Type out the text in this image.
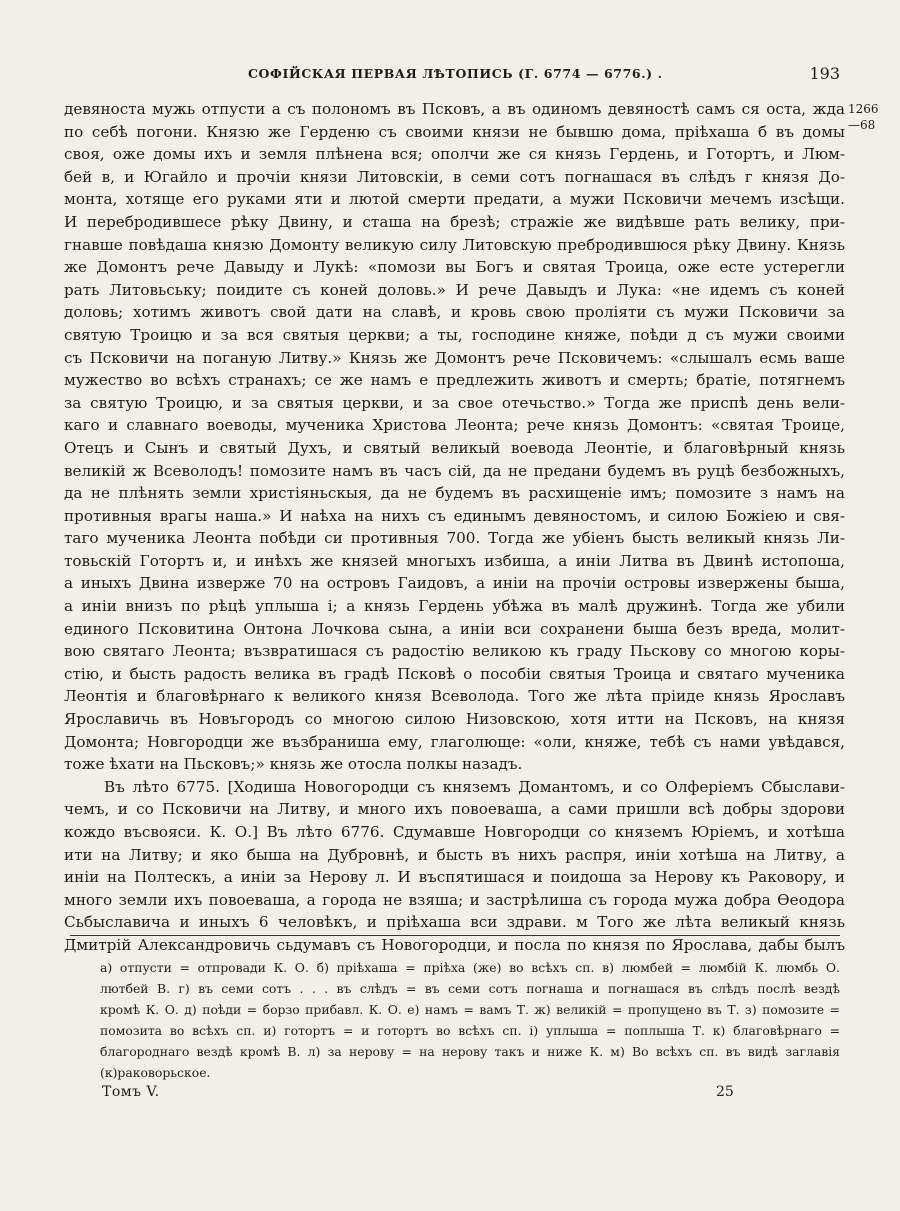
СОФІЙСКАЯ ПЕРВАЯ ЛѢТОПИСЬ (Г. 6774 — 6776.) .	193
1266
—68
девяноста мужь отпусти а съ полономъ въ Псковъ, а въ одиномъ девяностѣ самъ ся оста, жда
по себѣ погони. Князю же Герденю съ своими князи не бывшю дома, пріѣхаша б въ домы
своя, оже домы ихъ и земля плѣнена вся; ополчи же ся князь Гердень, и Готортъ, и Люм-
бей в, и Югайло и прочіи князи Литовскіи, в семи сотъ погнашася въ слѣдъ г князя До-
монта, хотяще его руками яти и лютой смерти предати, а мужи Псковичи мечемъ изсѣщи.
И перебродившесе рѣку Двину, и сташа на брезѣ; стражіе же видѣвше рать велику, при-
гнавше повѣдаша князю Домонту великую силу Литовскую пребродившюся рѣку Двину. Князь
же Домонтъ рече Давыду и Лукѣ: «помози вы Богъ и святая Троица, оже есте устерегли
рать Литовьську; поидите съ коней доловь.» И рече Давыдъ и Лука: «не идемъ съ коней
доловь; хотимъ животъ свой дати на славѣ, и кровь свою проліяти съ мужи Псковичи за
святую Троицю и за вся святыя церкви; а ты, господине княже, поѣди д съ мужи своими
съ Псковичи на поганую Литву.» Князь же Домонтъ рече Псковичемъ: «слышалъ есмь ваше
мужество во всѣхъ странахъ; се же намъ е предлежить животъ и смерть; братіе, потягнемъ
за святую Троицю, и за святыя церкви, и за свое отечьство.» Тогда же приспѣ день вели-
каго и славнаго воеводы, мученика Христова Леонта; рече князь Домонтъ: «святая Троице,
Отецъ и Сынъ и святый Духъ, и святый великый воевода Леонтіе, и благовѣрный князь
великій ж Всеволодъ! помозите намъ въ часъ сій, да не предани будемъ въ руцѣ безбожныхъ,
да не плѣнять земли христіяньскыя, да не будемъ въ расхищеніе имъ; помозите з намъ на
противныя врагы наша.» И наѣха на нихъ съ единымъ девяностомъ, и силою Божіею и свя-
таго мученика Леонта побѣди си противныя 700. Тогда же убіенъ бысть великый князь Ли-
товьскій Готортъ и, и инѣхъ же князей многыхъ избиша, а иніи Литва въ Двинѣ истопоша,
а иныхъ Двина изверже 70 на островъ Гаидовъ, а иніи на прочіи островы извержены быша,
а иніи внизъ по рѣцѣ уплыша і; а князь Гердень убѣжа въ малѣ дружинѣ. Тогда же убили
единого Псковитина Онтона Лочкова сына, а иніи вси сохранени быша безъ вреда, молит-
вою святаго Леонта; възвратишася съ радостію великою къ граду Пьскову со многою коры-
стію, и бысть радость велика въ градѣ Псковѣ о пособіи святыя Троица и святаго мученика
Леонтія и благовѣрнаго к великого князя Всеволода. Того же лѣта пріиде князь Ярославъ
Ярославичь въ Новъгородъ со многою силою Низовскою, хотя итти на Псковъ, на князя
Домонта; Новгородци же възбраниша ему, глаголюще: «оли, княже, тебѣ съ нами увѣдався,
тоже ѣхати на Пьсковъ;» князь же отосла полкы назадъ.
Въ лѣто 6775. [Ходиша Новогородци съ княземъ Домантомъ, и со Олферіемъ Сбыслави-
чемъ, и со Псковичи на Литву, и много ихъ повоеваша, а сами пришли всѣ добры здорови
кождо въсвояси. К. О.] Въ лѣто 6776. Сдумавше Новгородци со княземъ Юріемъ, и хотѣша
ити на Литву; и яко быша на Дубровнѣ, и бысть въ нихъ распря, иніи хотѣша на Литву, а
иніи на Полтескъ, а иніи за Нерову л. И въспятишася и поидоша за Нерову къ Раковору, и
много земли ихъ повоеваша, а города не взяша; и застрѣлиша съ города мужа добра Ѳеодора
Сьбыславича и иныхъ 6 человѣкъ, и пріѣхаша вси здрави. м Того же лѣта великый князь
Дмитрій Александровичь сьдумавъ съ Новогородци, и посла по князя по Ярослава, дабы былъ
а) отпусти = отпровади К. О. б) пріѣхаша = пріѣха (же) во всѣхъ сп. в) люмбей = люмбій К. люмбь О.
лютбей В. г) въ семи сотъ . . . въ слѣдъ = въ семи сотъ погнаша и погнашася въ слѣдъ послѣ вездѣ
кромѣ К. О. д) поѣди = борзо прибавл. К. О. е) намъ = вамъ Т. ж) великій = пропущено въ Т. з) помозите =
помозита во всѣхъ сп. и) готортъ = и готортъ во всѣхъ сп. і) уплыша = поплыша Т. к) благовѣрнаго =
благороднаго вездѣ кромѣ В. л) за нерову = на нерову такъ и ниже К. м) Во всѣхъ сп. въ видѣ заглавія
(к)раковорьское.
Томъ V.	25
